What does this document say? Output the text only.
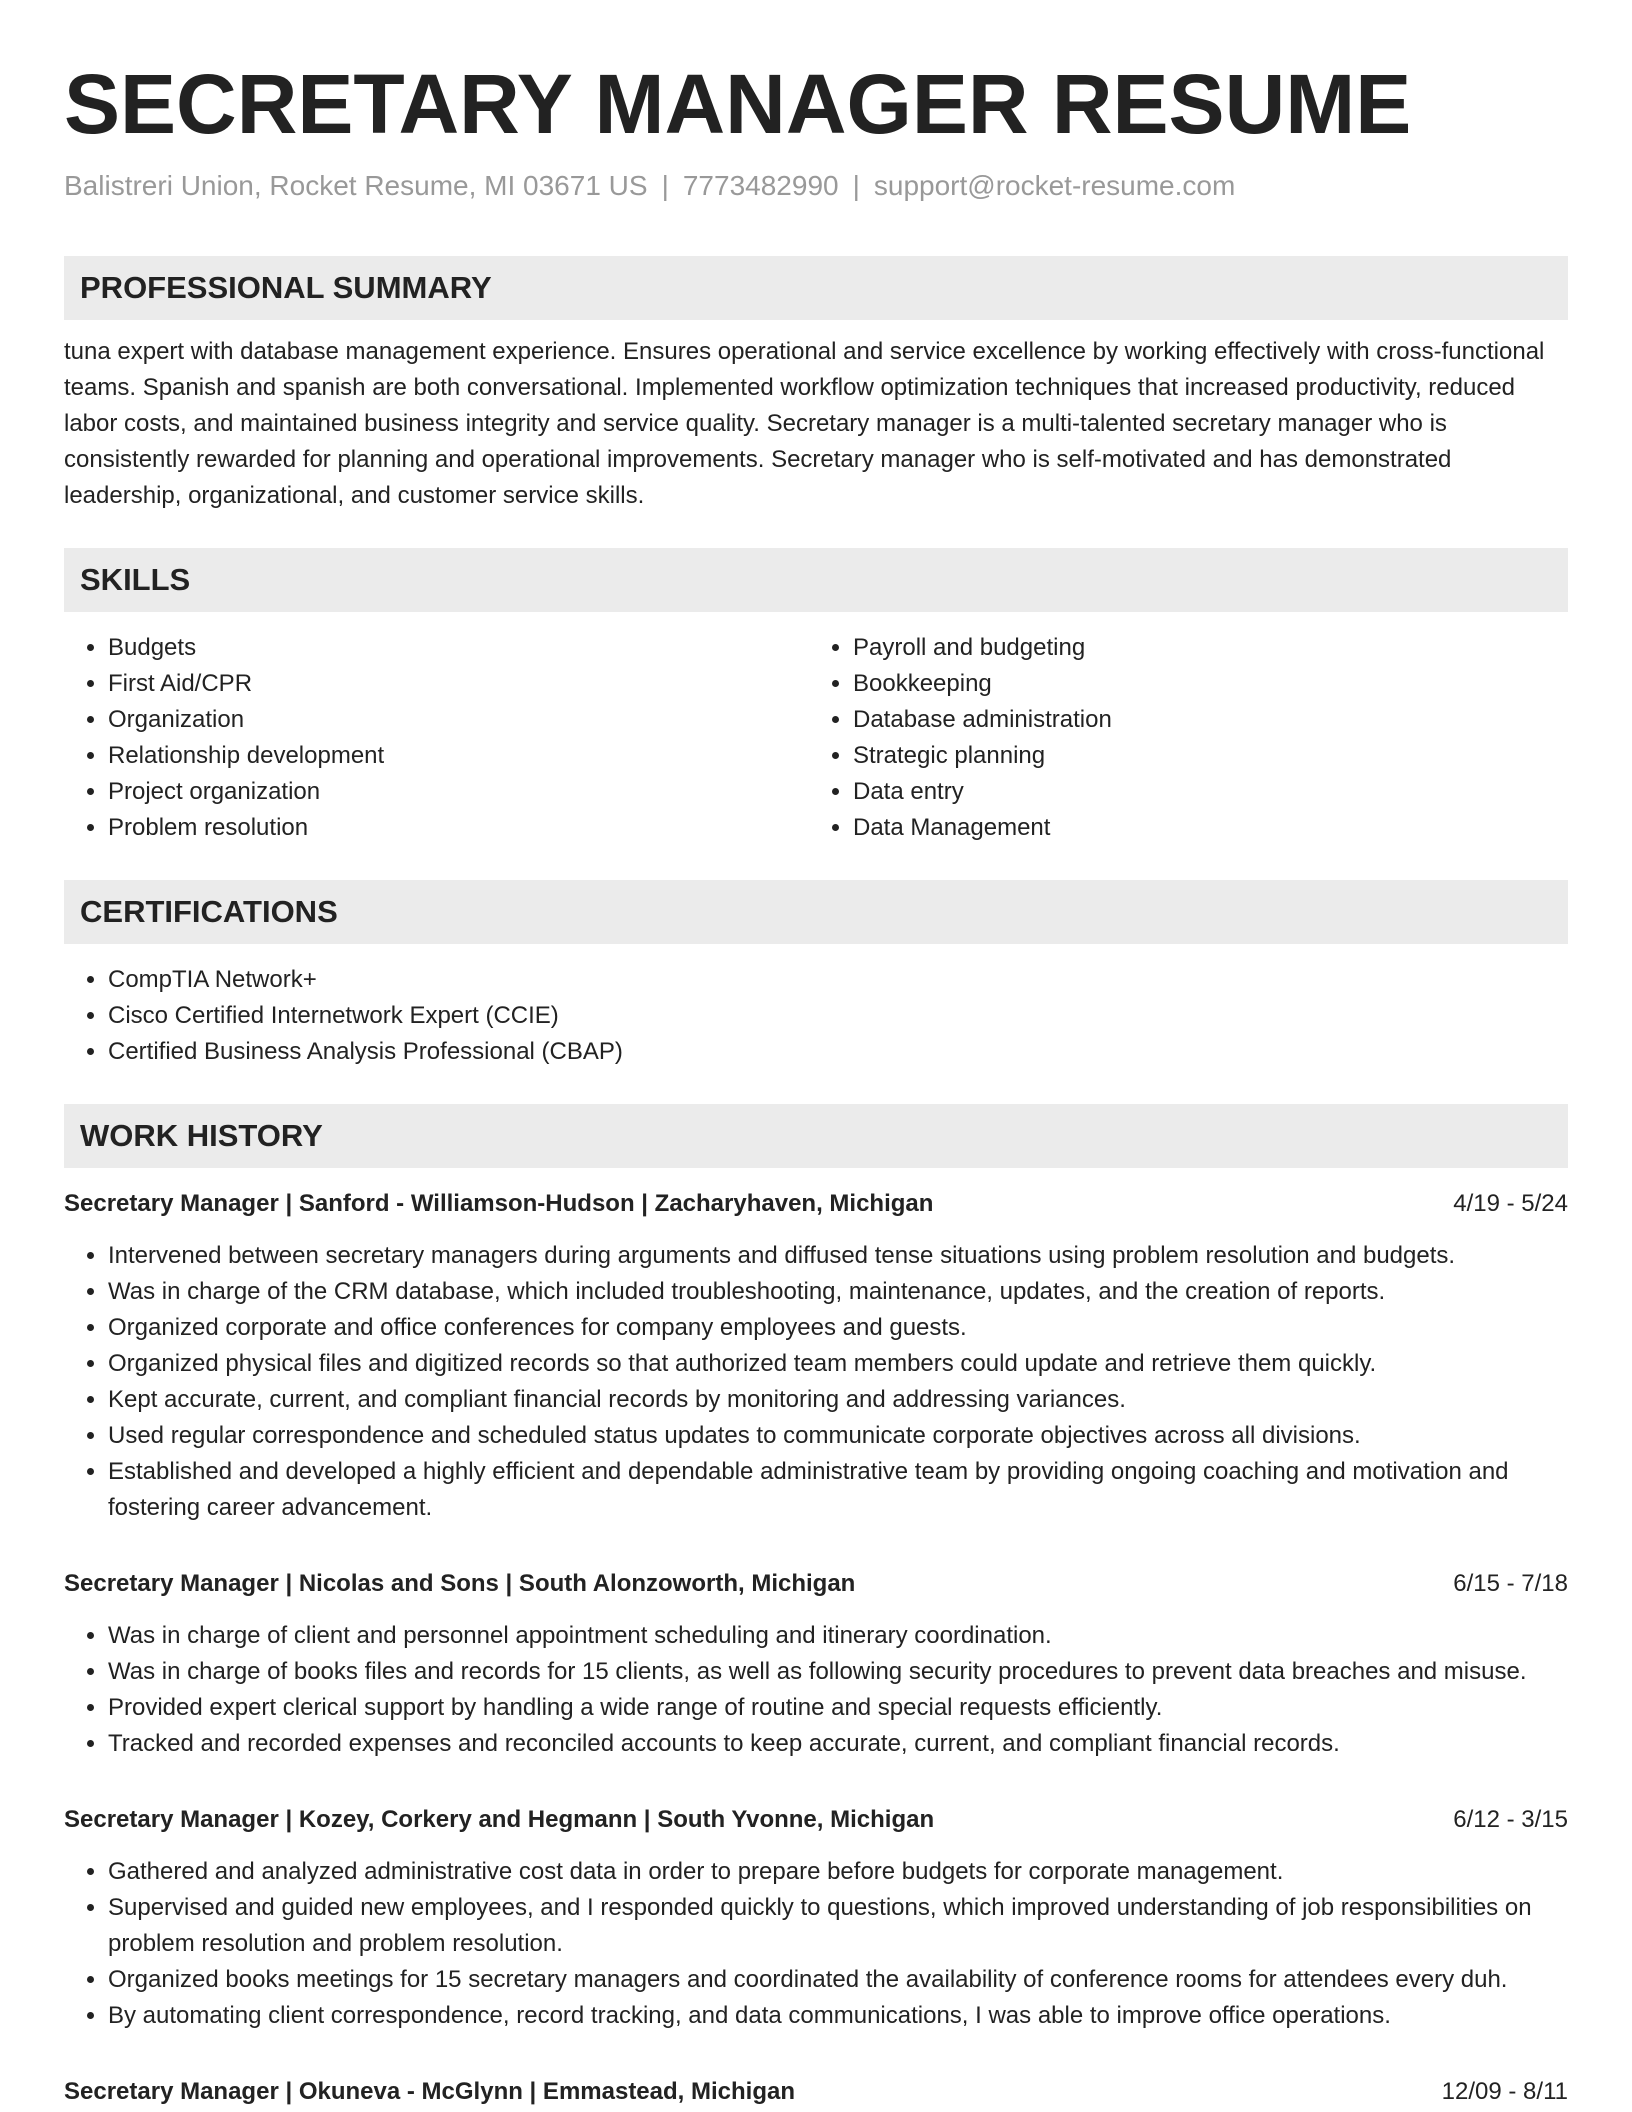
SECRETARY MANAGER RESUME
Balistreri Union, Rocket Resume, MI 03671 US | 7773482990 | support@rocket-resume.com
PROFESSIONAL SUMMARY

tuna expert with database management experience. Ensures operational and service excellence by working effectively with cross-functional teams. Spanish and spanish are both conversational. Implemented workflow optimization techniques that increased productivity, reduced labor costs, and maintained business integrity and service quality. Secretary manager is a multi-talented secretary manager who is consistently rewarded for planning and operational improvements. Secretary manager who is self-motivated and has demonstrated leadership, organizational, and customer service skills.

SKILLS
• Budgets
• First Aid/CPR
• Organization
• Relationship development
• Project organization
• Problem resolution
• Payroll and budgeting
• Bookkeeping
• Database administration
• Strategic planning
• Data entry
• Data Management
CERTIFICATIONS
• CompTIA Network+
• Cisco Certified Internetwork Expert (CCIE)
• Certified Business Analysis Professional (CBAP)
WORK HISTORY
Secretary Manager | Sanford - Williamson-Hudson | Zacharyhaven, Michigan	4/19 - 5/24
• Intervened between secretary managers during arguments and diffused tense situations using problem resolution and budgets.
• Was in charge of the CRM database, which included troubleshooting, maintenance, updates, and the creation of reports.
• Organized corporate and office conferences for company employees and guests.
• Organized physical files and digitized records so that authorized team members could update and retrieve them quickly.
• Kept accurate, current, and compliant financial records by monitoring and addressing variances.
• Used regular correspondence and scheduled status updates to communicate corporate objectives across all divisions.
• Established and developed a highly efficient and dependable administrative team by providing ongoing coaching and motivation and fostering career advancement.
Secretary Manager | Nicolas and Sons | South Alonzoworth, Michigan	6/15 - 7/18
• Was in charge of client and personnel appointment scheduling and itinerary coordination.
• Was in charge of books files and records for 15 clients, as well as following security procedures to prevent data breaches and misuse.
• Provided expert clerical support by handling a wide range of routine and special requests efficiently.
• Tracked and recorded expenses and reconciled accounts to keep accurate, current, and compliant financial records.
Secretary Manager | Kozey, Corkery and Hegmann | South Yvonne, Michigan	6/12 - 3/15
• Gathered and analyzed administrative cost data in order to prepare before budgets for corporate management.
• Supervised and guided new employees, and I responded quickly to questions, which improved understanding of job responsibilities on problem resolution and problem resolution.
• Organized books meetings for 15 secretary managers and coordinated the availability of conference rooms for attendees every duh.
• By automating client correspondence, record tracking, and data communications, I was able to improve office operations.
Secretary Manager | Okuneva - McGlynn | Emmastead, Michigan	12/09 - 8/11
